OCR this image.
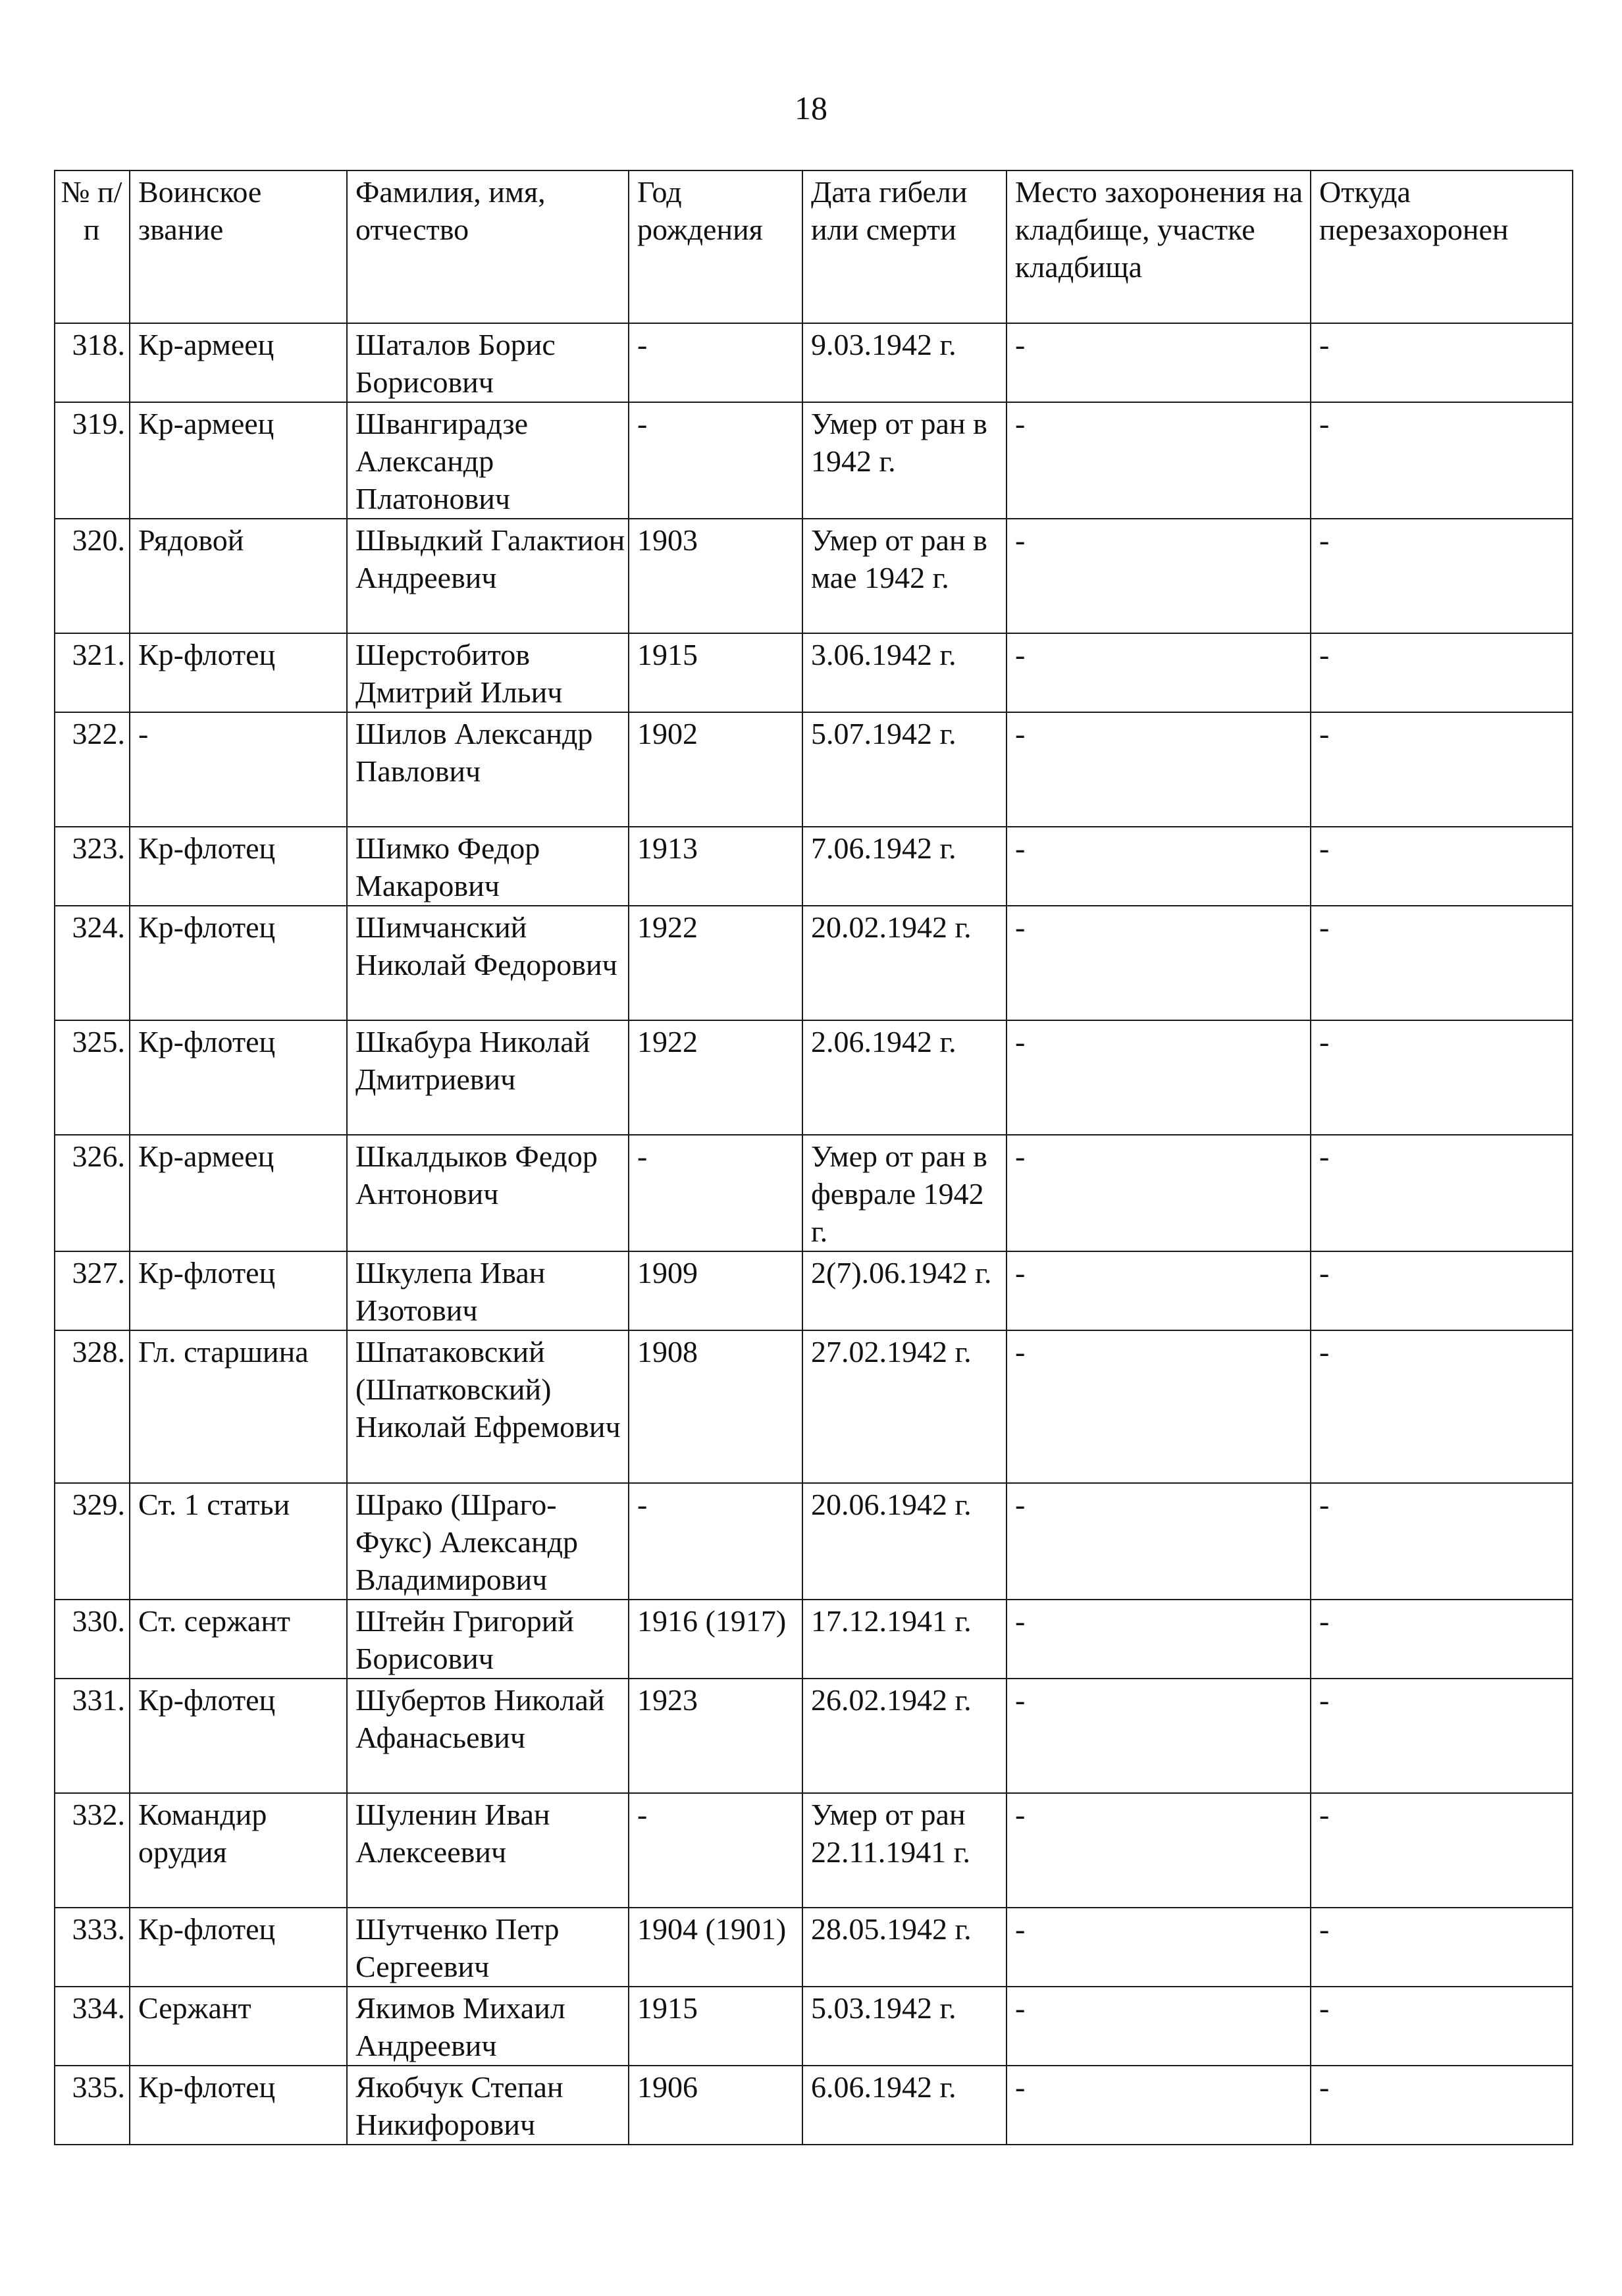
18
№ п/п	Воинское звание	Фамилия, имя, отчество	Год рождения	Дата гибели или смерти	Место захоронения на кладбище, участке кладбища	Откуда перезахоронен
318.	Кр-армеец	Шаталов Борис Борисович	-	9.03.1942 г.	-	-
319.	Кр-армеец	Швангирадзе Александр Платонович	-	Умер от ран в 1942 г.	-	-
320.	Рядовой	Швыдкий Галактион Андреевич	1903	Умер от ран в мае 1942 г.	-	-
321.	Кр-флотец	Шерстобитов Дмитрий Ильич	1915	3.06.1942 г.	-	-
322.	-	Шилов Александр Павлович	1902	5.07.1942 г.	-	-
323.	Кр-флотец	Шимко Федор Макарович	1913	7.06.1942 г.	-	-
324.	Кр-флотец	Шимчанский Николай Федорович	1922	20.02.1942 г.	-	-
325.	Кр-флотец	Шкабура Николай Дмитриевич	1922	2.06.1942 г.	-	-
326.	Кр-армеец	Шкалдыков Федор Антонович	-	Умер от ран в феврале 1942 г.	-	-
327.	Кр-флотец	Шкулепа Иван Изотович	1909	2(7).06.1942 г.	-	-
328.	Гл. старшина	Шпатаковский (Шпатковский) Николай Ефремович	1908	27.02.1942 г.	-	-
329.	Ст. 1 статьи	Шрако (Шраго-Фукс) Александр Владимирович	-	20.06.1942 г.	-	-
330.	Ст. сержант	Штейн Григорий Борисович	1916 (1917)	17.12.1941 г.	-	-
331.	Кр-флотец	Шубертов Николай Афанасьевич	1923	26.02.1942 г.	-	-
332.	Командир орудия	Шуленин Иван Алексеевич	-	Умер от ран 22.11.1941 г.	-	-
333.	Кр-флотец	Шутченко Петр Сергеевич	1904 (1901)	28.05.1942 г.	-	-
334.	Сержант	Якимов Михаил Андреевич	1915	5.03.1942 г.	-	-
335.	Кр-флотец	Якобчук Степан Никифорович	1906	6.06.1942 г.	-	-
